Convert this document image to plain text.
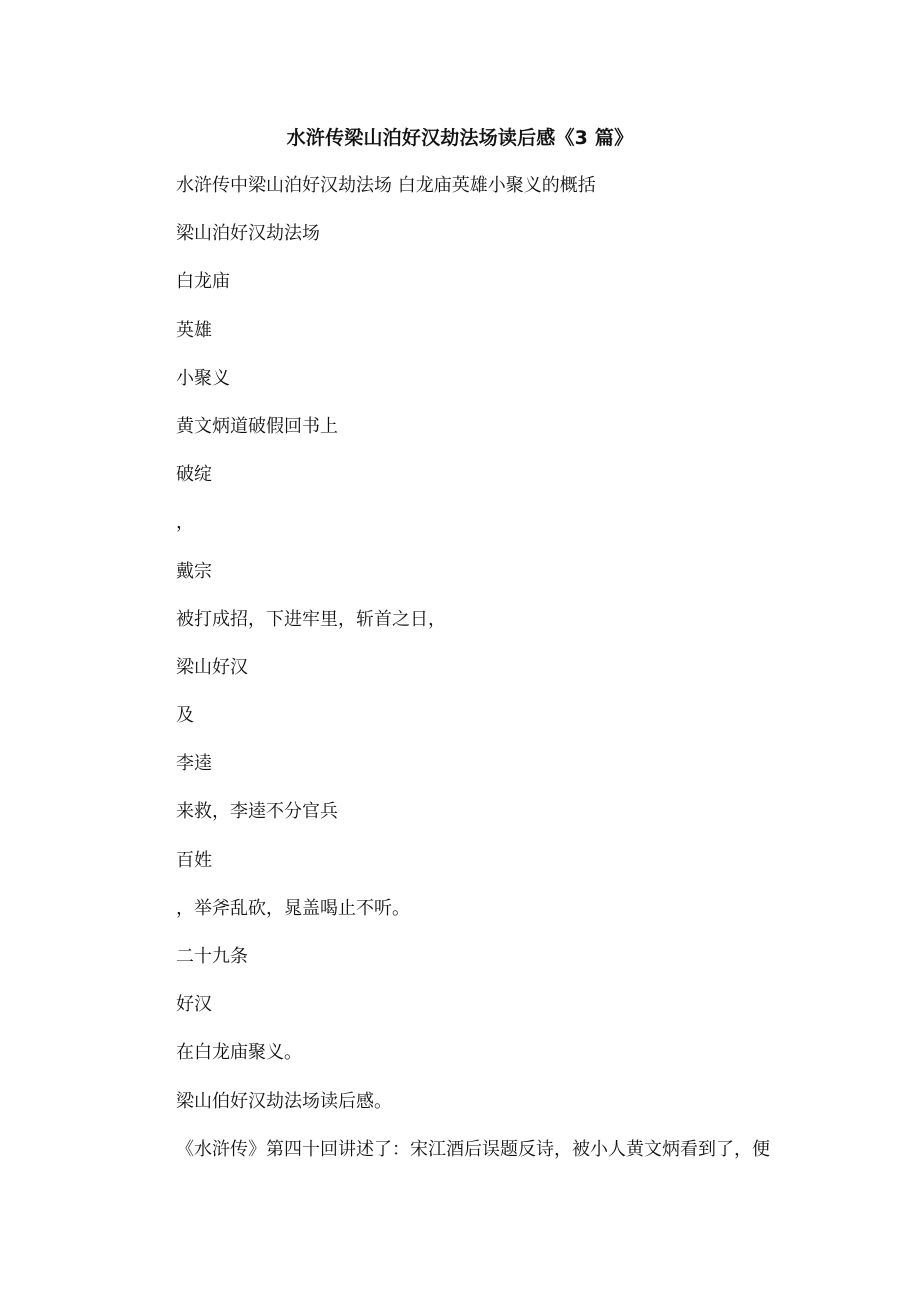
水浒传梁山泊好汉劫法场读后感《3 篇》

水浒传中梁山泊好汉劫法场 白龙庙英雄小聚义的概括

梁山泊好汉劫法场

白龙庙

英雄

小聚义

黄文炳道破假回书上

破绽

，

戴宗

被打成招，下进牢里，斩首之日，

梁山好汉

及

李逵

来救，李逵不分官兵

百姓

，举斧乱砍，晁盖喝止不听。

二十九条

好汉

在白龙庙聚义。

梁山伯好汉劫法场读后感。

《水浒传》第四十回讲述了：宋江酒后误题反诗，被小人黄文炳看到了，便
